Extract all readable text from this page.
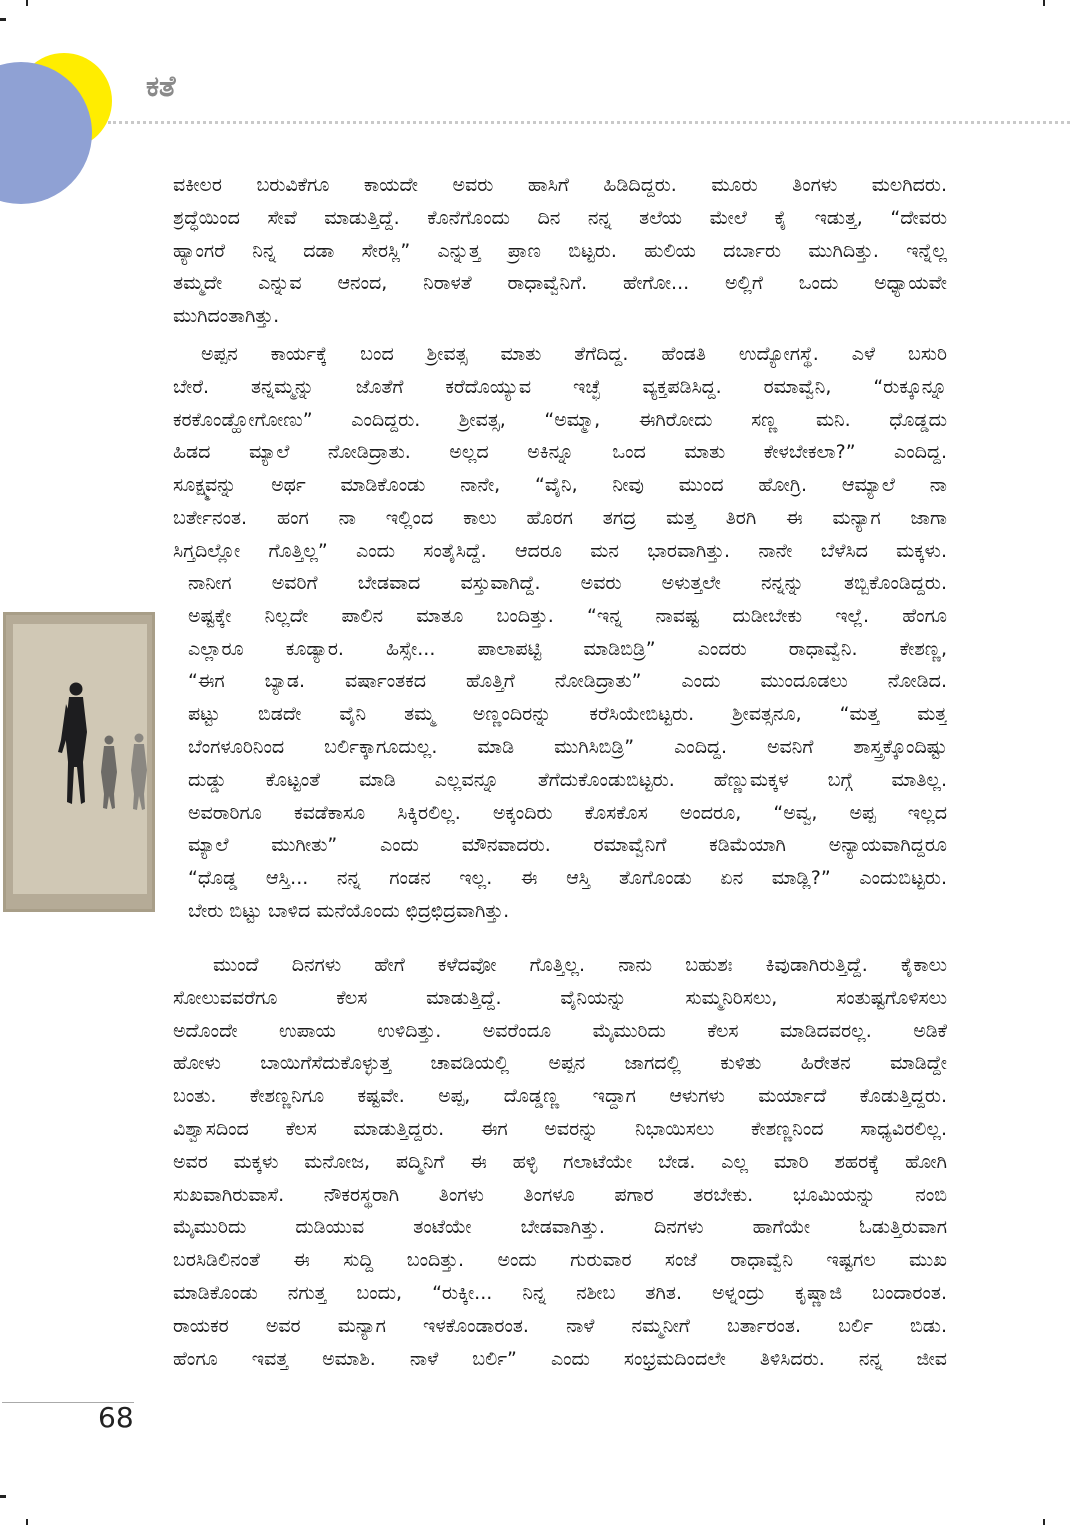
ಕತೆ

ವಕೀಲರ ಬರುವಿಕೆಗೂ ಕಾಯದೇ ಅವರು ಹಾಸಿಗೆ ಹಿಡಿದಿದ್ದರು. ಮೂರು ತಿಂಗಳು ಮಲಗಿದರು.
ಶ್ರದ್ಧೆಯಿಂದ ಸೇವೆ ಮಾಡುತ್ತಿದ್ದೆ. ಕೊನೆಗೊಂದು ದಿನ ನನ್ನ ತಲೆಯ ಮೇಲೆ ಕೈ ಇಡುತ್ತ, “ದೇವರು
ಹ್ಯಾಂಗರೆ ನಿನ್ನ ದಡಾ ಸೇರಸ್ಲಿ” ಎನ್ನುತ್ತ ಪ್ರಾಣ ಬಿಟ್ಟರು. ಹುಲಿಯ ದರ್ಬಾರು ಮುಗಿದಿತ್ತು. ಇನ್ನೆಲ್ಲ
ತಮ್ಮದೇ ಎನ್ನುವ ಆನಂದ, ನಿರಾಳತೆ ರಾಧಾವ್ವೆನಿಗೆ. ಹೇಗೋ... ಅಲ್ಲಿಗೆ ಒಂದು ಅಧ್ಯಾಯವೇ
ಮುಗಿದಂತಾಗಿತ್ತು.

ಅಪ್ಪನ ಕಾರ್ಯಕ್ಕೆ ಬಂದ ಶ್ರೀವತ್ಸ ಮಾತು ತೆಗೆದಿದ್ದ. ಹೆಂಡತಿ ಉದ್ಯೋಗಸ್ಥೆ. ಎಳೆ ಬಸುರಿ
ಬೇರೆ. ತನ್ನಮ್ಮನ್ನು ಜೊತೆಗೆ ಕರೆದೊಯ್ಯುವ ಇಚ್ಛೆ ವ್ಯಕ್ತಪಡಿಸಿದ್ದ. ರಮಾವ್ವೆನಿ, “ರುಕ್ಕೂನ್ನೂ
ಕರಕೊಂಡ್ಹೋಗೋಣು” ಎಂದಿದ್ದರು. ಶ್ರೀವತ್ಸ, “ಅಮ್ಮಾ, ಈಗಿರೋದು ಸಣ್ಣ ಮನಿ. ಧೊಡ್ಡದು
ಹಿಡದ ಮ್ಯಾಲೆ ನೋಡಿದ್ರಾತು. ಅಲ್ಲದ ಅಕಿನ್ನೂ ಒಂದ ಮಾತು ಕೇಳಬೇಕಲಾ?” ಎಂದಿದ್ದ.
ಸೂಕ್ಷ್ಮವನ್ನು ಅರ್ಥ ಮಾಡಿಕೊಂಡು ನಾನೇ, “ವೈನಿ, ನೀವು ಮುಂದ ಹೋಗ್ರಿ. ಆಮ್ಯಾಲೆ ನಾ
ಬರ್ತೇನಂತ. ಹಂಗ ನಾ ಇಲ್ಲಿಂದ ಕಾಲು ಹೊರಗ ತಗದ್ರ ಮತ್ತ ತಿರಗಿ ಈ ಮನ್ಯಾಗ ಜಾಗಾ
ಸಿಗ್ತದಿಲ್ಲೋ ಗೊತ್ತಿಲ್ಲ” ಎಂದು ಸಂತೈಸಿದ್ದೆ. ಆದರೂ ಮನ ಭಾರವಾಗಿತ್ತು. ನಾನೇ ಬೆಳೆಸಿದ ಮಕ್ಕಳು.

ನಾನೀಗ ಅವರಿಗೆ ಬೇಡವಾದ ವಸ್ತುವಾಗಿದ್ದೆ. ಅವರು ಅಳುತ್ತಲೇ ನನ್ನನ್ನು ತಬ್ಬಿಕೊಂಡಿದ್ದರು.
ಅಷ್ಟಕ್ಕೇ ನಿಲ್ಲದೇ ಪಾಲಿನ ಮಾತೂ ಬಂದಿತ್ತು. “ಇನ್ನ ನಾವಷ್ಟ ದುಡೀಬೇಕು ಇಲ್ಲೆ. ಹೆಂಗೂ
ಎಲ್ಲಾರೂ ಕೂಡ್ಯಾರ. ಹಿಸ್ಸೇ... ಪಾಲಾಪಟ್ಟಿ ಮಾಡಿಬಿಡ್ರಿ” ಎಂದರು ರಾಧಾವ್ವೆನಿ. ಕೇಶಣ್ಣ,
“ಈಗ ಬ್ಯಾಡ. ವರ್ಷಾಂತಕದ ಹೊತ್ತಿಗೆ ನೋಡಿದ್ರಾತು” ಎಂದು ಮುಂದೂಡಲು ನೋಡಿದ.
ಪಟ್ಟು ಬಿಡದೇ ವೈನಿ ತಮ್ಮ ಅಣ್ಣಂದಿರನ್ನು ಕರೆಸಿಯೇಬಿಟ್ಟರು. ಶ್ರೀವತ್ಸನೂ, “ಮತ್ತ ಮತ್ತ
ಬೆಂಗಳೂರಿನಿಂದ ಬರ್ಲಿಕ್ಕಾಗೂದುಲ್ಲ. ಮಾಡಿ ಮುಗಿಸಿಬಿಡ್ರಿ” ಎಂದಿದ್ದ. ಅವನಿಗೆ ಶಾಸ್ತ್ರಕ್ಕೊಂದಿಷ್ಟು
ದುಡ್ಡು ಕೊಟ್ಟಂತೆ ಮಾಡಿ ಎಲ್ಲವನ್ನೂ ತೆಗೆದುಕೊಂಡುಬಿಟ್ಟರು. ಹೆಣ್ಣುಮಕ್ಕಳ ಬಗ್ಗೆ ಮಾತಿಲ್ಲ.
ಅವರಾರಿಗೂ ಕವಡೆಕಾಸೂ ಸಿಕ್ಕಿರಲಿಲ್ಲ. ಅಕ್ಕಂದಿರು ಕೊಸಕೊಸ ಅಂದರೂ, “ಅವ್ವ, ಅಪ್ಪ ಇಲ್ಲದ
ಮ್ಯಾಲೆ ಮುಗೀತು” ಎಂದು ಮೌನವಾದರು. ರಮಾವ್ವೆನಿಗೆ ಕಡಿಮೆಯಾಗಿ ಅನ್ಯಾಯವಾಗಿದ್ದರೂ
“ಧೊಡ್ಡ ಆಸ್ತಿ... ನನ್ನ ಗಂಡನ ಇಲ್ಲ. ಈ ಆಸ್ತಿ ತೊಗೊಂಡು ಏನ ಮಾಡ್ಲಿ?” ಎಂದುಬಿಟ್ಟರು.
ಬೇರು ಬಿಟ್ಟು ಬಾಳಿದ ಮನೆಯೊಂದು ಛಿದ್ರಛಿದ್ರವಾಗಿತ್ತು.

ಮುಂದೆ ದಿನಗಳು ಹೇಗೆ ಕಳೆದವೋ ಗೊತ್ತಿಲ್ಲ. ನಾನು ಬಹುಶಃ ಕಿವುಡಾಗಿರುತ್ತಿದ್ದೆ. ಕೈಕಾಲು
ಸೋಲುವವರೆಗೂ ಕೆಲಸ ಮಾಡುತ್ತಿದ್ದೆ. ವೈನಿಯನ್ನು ಸುಮ್ಮನಿರಿಸಲು, ಸಂತುಷ್ಟಗೊಳಿಸಲು
ಅದೊಂದೇ ಉಪಾಯ ಉಳಿದಿತ್ತು. ಅವರೆಂದೂ ಮೈಮುರಿದು ಕೆಲಸ ಮಾಡಿದವರಲ್ಲ. ಅಡಿಕೆ
ಹೋಳು ಬಾಯಿಗೆಸೆದುಕೊಳ್ಳುತ್ತ ಚಾವಡಿಯಲ್ಲಿ ಅಪ್ಪನ ಜಾಗದಲ್ಲಿ ಕುಳಿತು ಹಿರೇತನ ಮಾಡಿದ್ದೇ
ಬಂತು. ಕೇಶಣ್ಣನಿಗೂ ಕಷ್ಟವೇ. ಅಪ್ಪ, ದೊಡ್ಡಣ್ಣ ಇದ್ದಾಗ ಆಳುಗಳು ಮರ್ಯಾದೆ ಕೊಡುತ್ತಿದ್ದರು.
ವಿಶ್ವಾಸದಿಂದ ಕೆಲಸ ಮಾಡುತ್ತಿದ್ದರು. ಈಗ ಅವರನ್ನು ನಿಭಾಯಿಸಲು ಕೇಶಣ್ಣನಿಂದ ಸಾಧ್ಯವಿರಲಿಲ್ಲ.
ಅವರ ಮಕ್ಕಳು ಮನೋಜ, ಪದ್ಮಿನಿಗೆ ಈ ಹಳ್ಳಿ ಗಲಾಟೆಯೇ ಬೇಡ. ಎಲ್ಲ ಮಾರಿ ಶಹರಕ್ಕೆ ಹೋಗಿ
ಸುಖವಾಗಿರುವಾಸೆ. ನೌಕರಸ್ಥರಾಗಿ ತಿಂಗಳು ತಿಂಗಳೂ ಪಗಾರ ತರಬೇಕು. ಭೂಮಿಯನ್ನು ನಂಬಿ
ಮೈಮುರಿದು ದುಡಿಯುವ ತಂಟೆಯೇ ಬೇಡವಾಗಿತ್ತು. ದಿನಗಳು ಹಾಗೆಯೇ ಓಡುತ್ತಿರುವಾಗ
ಬರಸಿಡಿಲಿನಂತೆ ಈ ಸುದ್ದಿ ಬಂದಿತ್ತು. ಅಂದು ಗುರುವಾರ ಸಂಜೆ ರಾಧಾವ್ವೆನಿ ಇಷ್ಟಗಲ ಮುಖ
ಮಾಡಿಕೊಂಡು ನಗುತ್ತ ಬಂದು, “ರುಕ್ಕೀ... ನಿನ್ನ ನಶೀಬ ತಗಿತ. ಅಳ್ನಂದ್ರು ಕೃಷ್ಣಾಜಿ ಬಂದಾರಂತ.
ರಾಯಕರ ಅವರ ಮನ್ಯಾಗ ಇಳಕೊಂಡಾರಂತ. ನಾಳೆ ನಮ್ಮನೀಗೆ ಬರ್ತಾರಂತ. ಬರ್ಲಿ ಬಿಡು.
ಹೆಂಗೂ ಇವತ್ತ ಅಮಾಶಿ. ನಾಳೆ ಬರ್ಲಿ” ಎಂದು ಸಂಭ್ರಮದಿಂದಲೇ ತಿಳಿಸಿದರು. ನನ್ನ ಜೀವ

68
